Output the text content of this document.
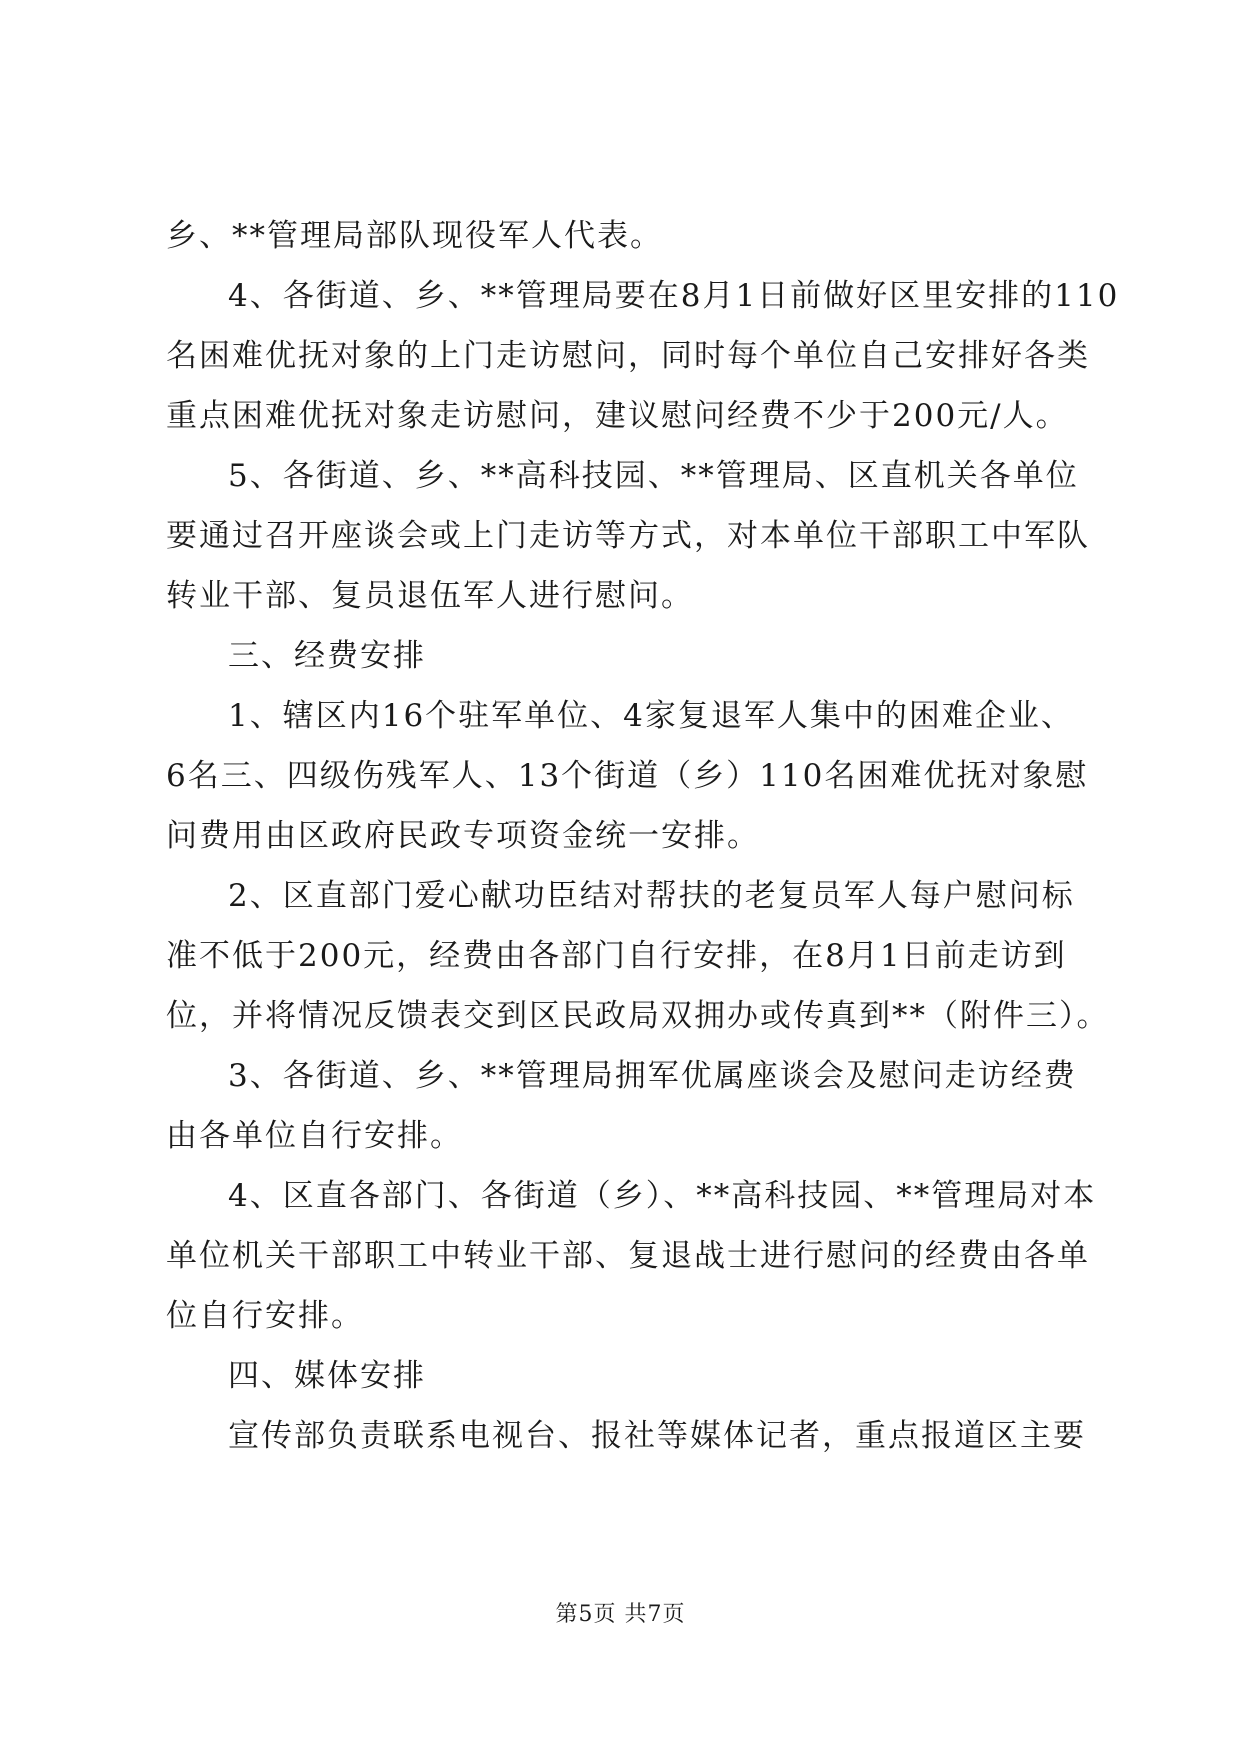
乡、**管理局部队现役军人代表。
4、各街道、乡、**管理局要在8月1日前做好区里安排的110
名困难优抚对象的上门走访慰问，同时每个单位自己安排好各类
重点困难优抚对象走访慰问，建议慰问经费不少于200元/人。
5、各街道、乡、**高科技园、**管理局、区直机关各单位
要通过召开座谈会或上门走访等方式，对本单位干部职工中军队
转业干部、复员退伍军人进行慰问。
三、经费安排
1、辖区内16个驻军单位、4家复退军人集中的困难企业、
6名三、四级伤残军人、13个街道（乡）110名困难优抚对象慰
问费用由区政府民政专项资金统一安排。
2、区直部门爱心献功臣结对帮扶的老复员军人每户慰问标
准不低于200元，经费由各部门自行安排，在8月1日前走访到
位，并将情况反馈表交到区民政局双拥办或传真到**（附件三）。
3、各街道、乡、**管理局拥军优属座谈会及慰问走访经费
由各单位自行安排。
4、区直各部门、各街道（乡）、**高科技园、**管理局对本
单位机关干部职工中转业干部、复退战士进行慰问的经费由各单
位自行安排。
四、媒体安排
宣传部负责联系电视台、报社等媒体记者，重点报道区主要
第5页 共7页
